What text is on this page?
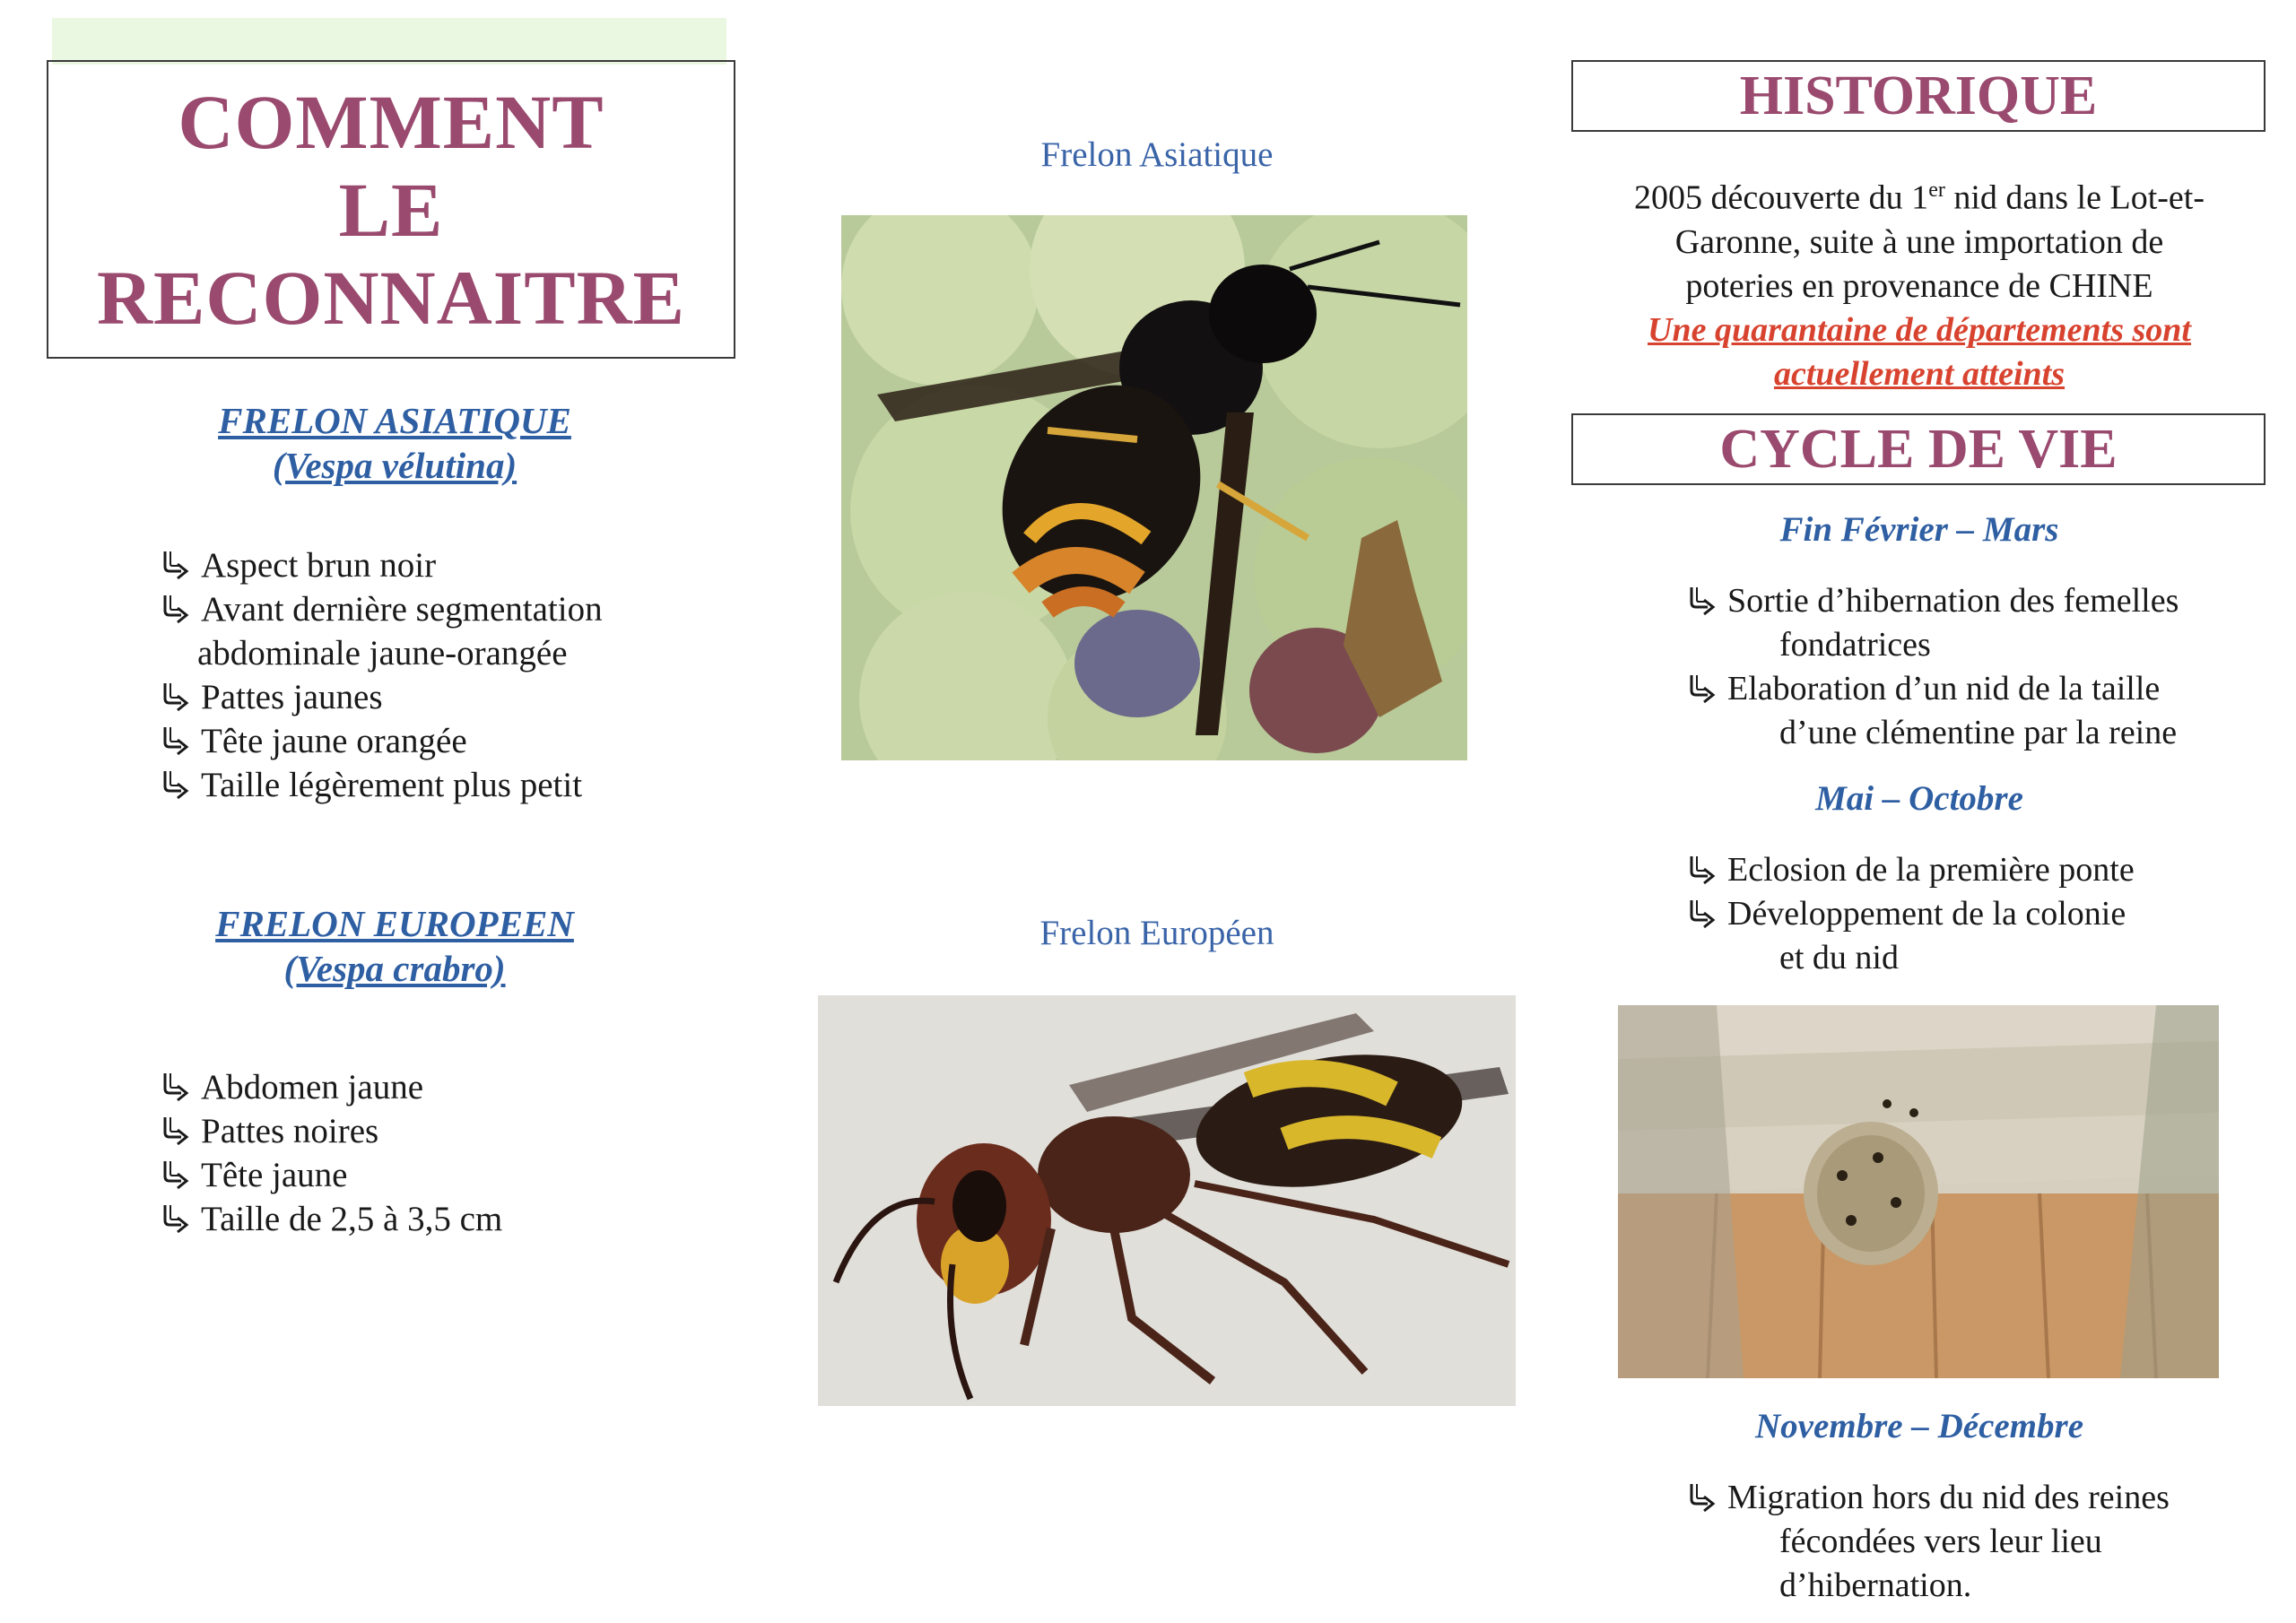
COMMENT
LE
RECONNAITRE
FRELON ASIATIQUE
(Vespa vélutina)
Aspect brun noir
Avant dernière segmentation
abdominale jaune-orangée
Pattes jaunes
Tête jaune orangée
Taille légèrement plus petit
FRELON EUROPEEN
(Vespa crabro)
Abdomen jaune
Pattes noires
Tête jaune
Taille de 2,5 à 3,5 cm
Frelon Asiatique
Frelon Européen
HISTORIQUE
2005 découverte du 1er nid dans le Lot-et-
Garonne, suite à une importation de
poteries en provenance de CHINE
Une quarantaine de départements sont
actuellement atteints
CYCLE DE VIE
Fin Février – Mars
Sortie d’hibernation des femelles
fondatrices
Elaboration d’un nid de la taille
d’une clémentine par la reine
Mai – Octobre
Eclosion de la première ponte
Développement de la colonie
et du nid
Novembre – Décembre
Migration hors du nid des reines
fécondées vers leur lieu
d’hibernation.
